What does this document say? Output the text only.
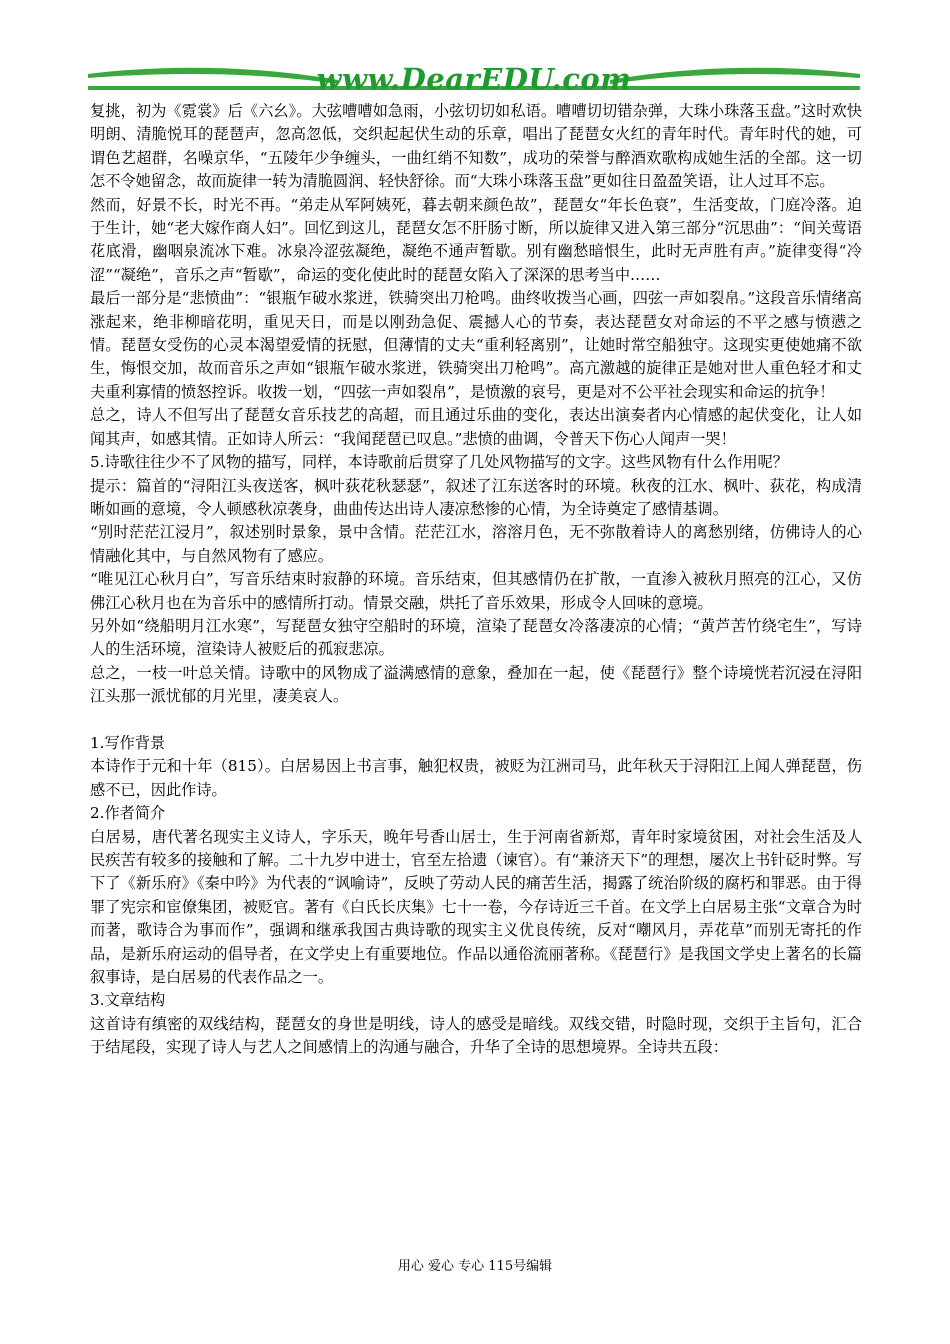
www.DearEDU.com

复挑，初为《霓裳》后《六幺》。大弦嘈嘈如急雨，小弦切切如私语。嘈嘈切切错杂弹，大珠小珠落玉盘。”这时欢快明朗、清脆悦耳的琵琶声，忽高忽低，交织起起伏生动的乐章，唱出了琵琶女火红的青年时代。青年时代的她，可谓色艺超群，名噪京华，“五陵年少争缠头，一曲红绡不知数”，成功的荣誉与醉酒欢歌构成她生活的全部。这一切怎不令她留念，故而旋律一转为清脆圆润、轻快舒徐。而“大珠小珠落玉盘”更如往日盈盈笑语，让人过耳不忘。

然而，好景不长，时光不再。“弟走从军阿姨死，暮去朝来颜色故”，琵琶女“年长色衰”，生活变故，门庭冷落。迫于生计，她“老大嫁作商人妇”。回忆到这儿，琵琶女怎不肝肠寸断，所以旋律又进入第三部分“沉思曲”：“间关莺语花底滑，幽咽泉流冰下难。冰泉冷涩弦凝绝，凝绝不通声暂歇。别有幽愁暗恨生，此时无声胜有声。”旋律变得“冷涩”“凝绝”，音乐之声“暂歇”，命运的变化使此时的琵琶女陷入了深深的思考当中……

最后一部分是“悲愤曲”：“银瓶乍破水浆迸，铁骑突出刀枪鸣。曲终收拨当心画，四弦一声如裂帛。”这段音乐情绪高涨起来，绝非柳暗花明，重见天日，而是以刚劲急促、震撼人心的节奏，表达琵琶女对命运的不平之感与愤懑之情。琵琶女受伤的心灵本渴望爱情的抚慰，但薄情的丈夫“重利轻离别”，让她时常空船独守。这现实更使她痛不欲生，悔恨交加，故而音乐之声如“银瓶乍破水浆迸，铁骑突出刀枪鸣”。高亢激越的旋律正是她对世人重色轻才和丈夫重利寡情的愤怒控诉。收拨一划，“四弦一声如裂帛”，是愤激的哀号，更是对不公平社会现实和命运的抗争！

总之，诗人不但写出了琵琶女音乐技艺的高超，而且通过乐曲的变化，表达出演奏者内心情感的起伏变化，让人如闻其声，如感其情。正如诗人所云：“我闻琵琶已叹息。”悲愤的曲调，令普天下伤心人闻声一哭！

5.诗歌往往少不了风物的描写，同样，本诗歌前后贯穿了几处风物描写的文字。这些风物有什么作用呢？

提示：篇首的“浔阳江头夜送客，枫叶荻花秋瑟瑟”，叙述了江东送客时的环境。秋夜的江水、枫叶、荻花，构成清晰如画的意境，令人顿感秋凉袭身，曲曲传达出诗人凄凉愁惨的心情，为全诗奠定了感情基调。

“别时茫茫江浸月”，叙述别时景象，景中含情。茫茫江水，溶溶月色，无不弥散着诗人的离愁别绪，仿佛诗人的心情融化其中，与自然风物有了感应。

“唯见江心秋月白”，写音乐结束时寂静的环境。音乐结束，但其感情仍在扩散，一直渗入被秋月照亮的江心，又仿佛江心秋月也在为音乐中的感情所打动。情景交融，烘托了音乐效果，形成令人回味的意境。

另外如“绕船明月江水寒”，写琵琶女独守空船时的环境，渲染了琵琶女冷落凄凉的心情；“黄芦苦竹绕宅生”，写诗人的生活环境，渲染诗人被贬后的孤寂悲凉。

总之，一枝一叶总关情。诗歌中的风物成了溢满感情的意象，叠加在一起，使《琵琶行》整个诗境恍若沉浸在浔阳江头那一派忧郁的月光里，凄美哀人。

1.写作背景

本诗作于元和十年（815）。白居易因上书言事，触犯权贵，被贬为江洲司马，此年秋天于浔阳江上闻人弹琵琶，伤感不已，因此作诗。

2.作者简介

白居易，唐代著名现实主义诗人，字乐天，晚年号香山居士，生于河南省新郑，青年时家境贫困，对社会生活及人民疾苦有较多的接触和了解。二十九岁中进士，官至左拾遗（谏官）。有“兼济天下”的理想，屡次上书针砭时弊。写下了《新乐府》《秦中吟》为代表的“讽喻诗”，反映了劳动人民的痛苦生活，揭露了统治阶级的腐朽和罪恶。由于得罪了宪宗和宦僚集团，被贬官。著有《白氏长庆集》七十一卷，今存诗近三千首。在文学上白居易主张“文章合为时而著，歌诗合为事而作”，强调和继承我国古典诗歌的现实主义优良传统，反对“嘲风月，弄花草”而别无寄托的作品，是新乐府运动的倡导者，在文学史上有重要地位。作品以通俗流丽著称。《琵琶行》是我国文学史上著名的长篇叙事诗，是白居易的代表作品之一。

3.文章结构

这首诗有缜密的双线结构，琵琶女的身世是明线，诗人的感受是暗线。双线交错，时隐时现，交织于主旨句，汇合于结尾段，实现了诗人与艺人之间感情上的沟通与融合，升华了全诗的思想境界。全诗共五段：

用心 爱心 专心 115号编辑
